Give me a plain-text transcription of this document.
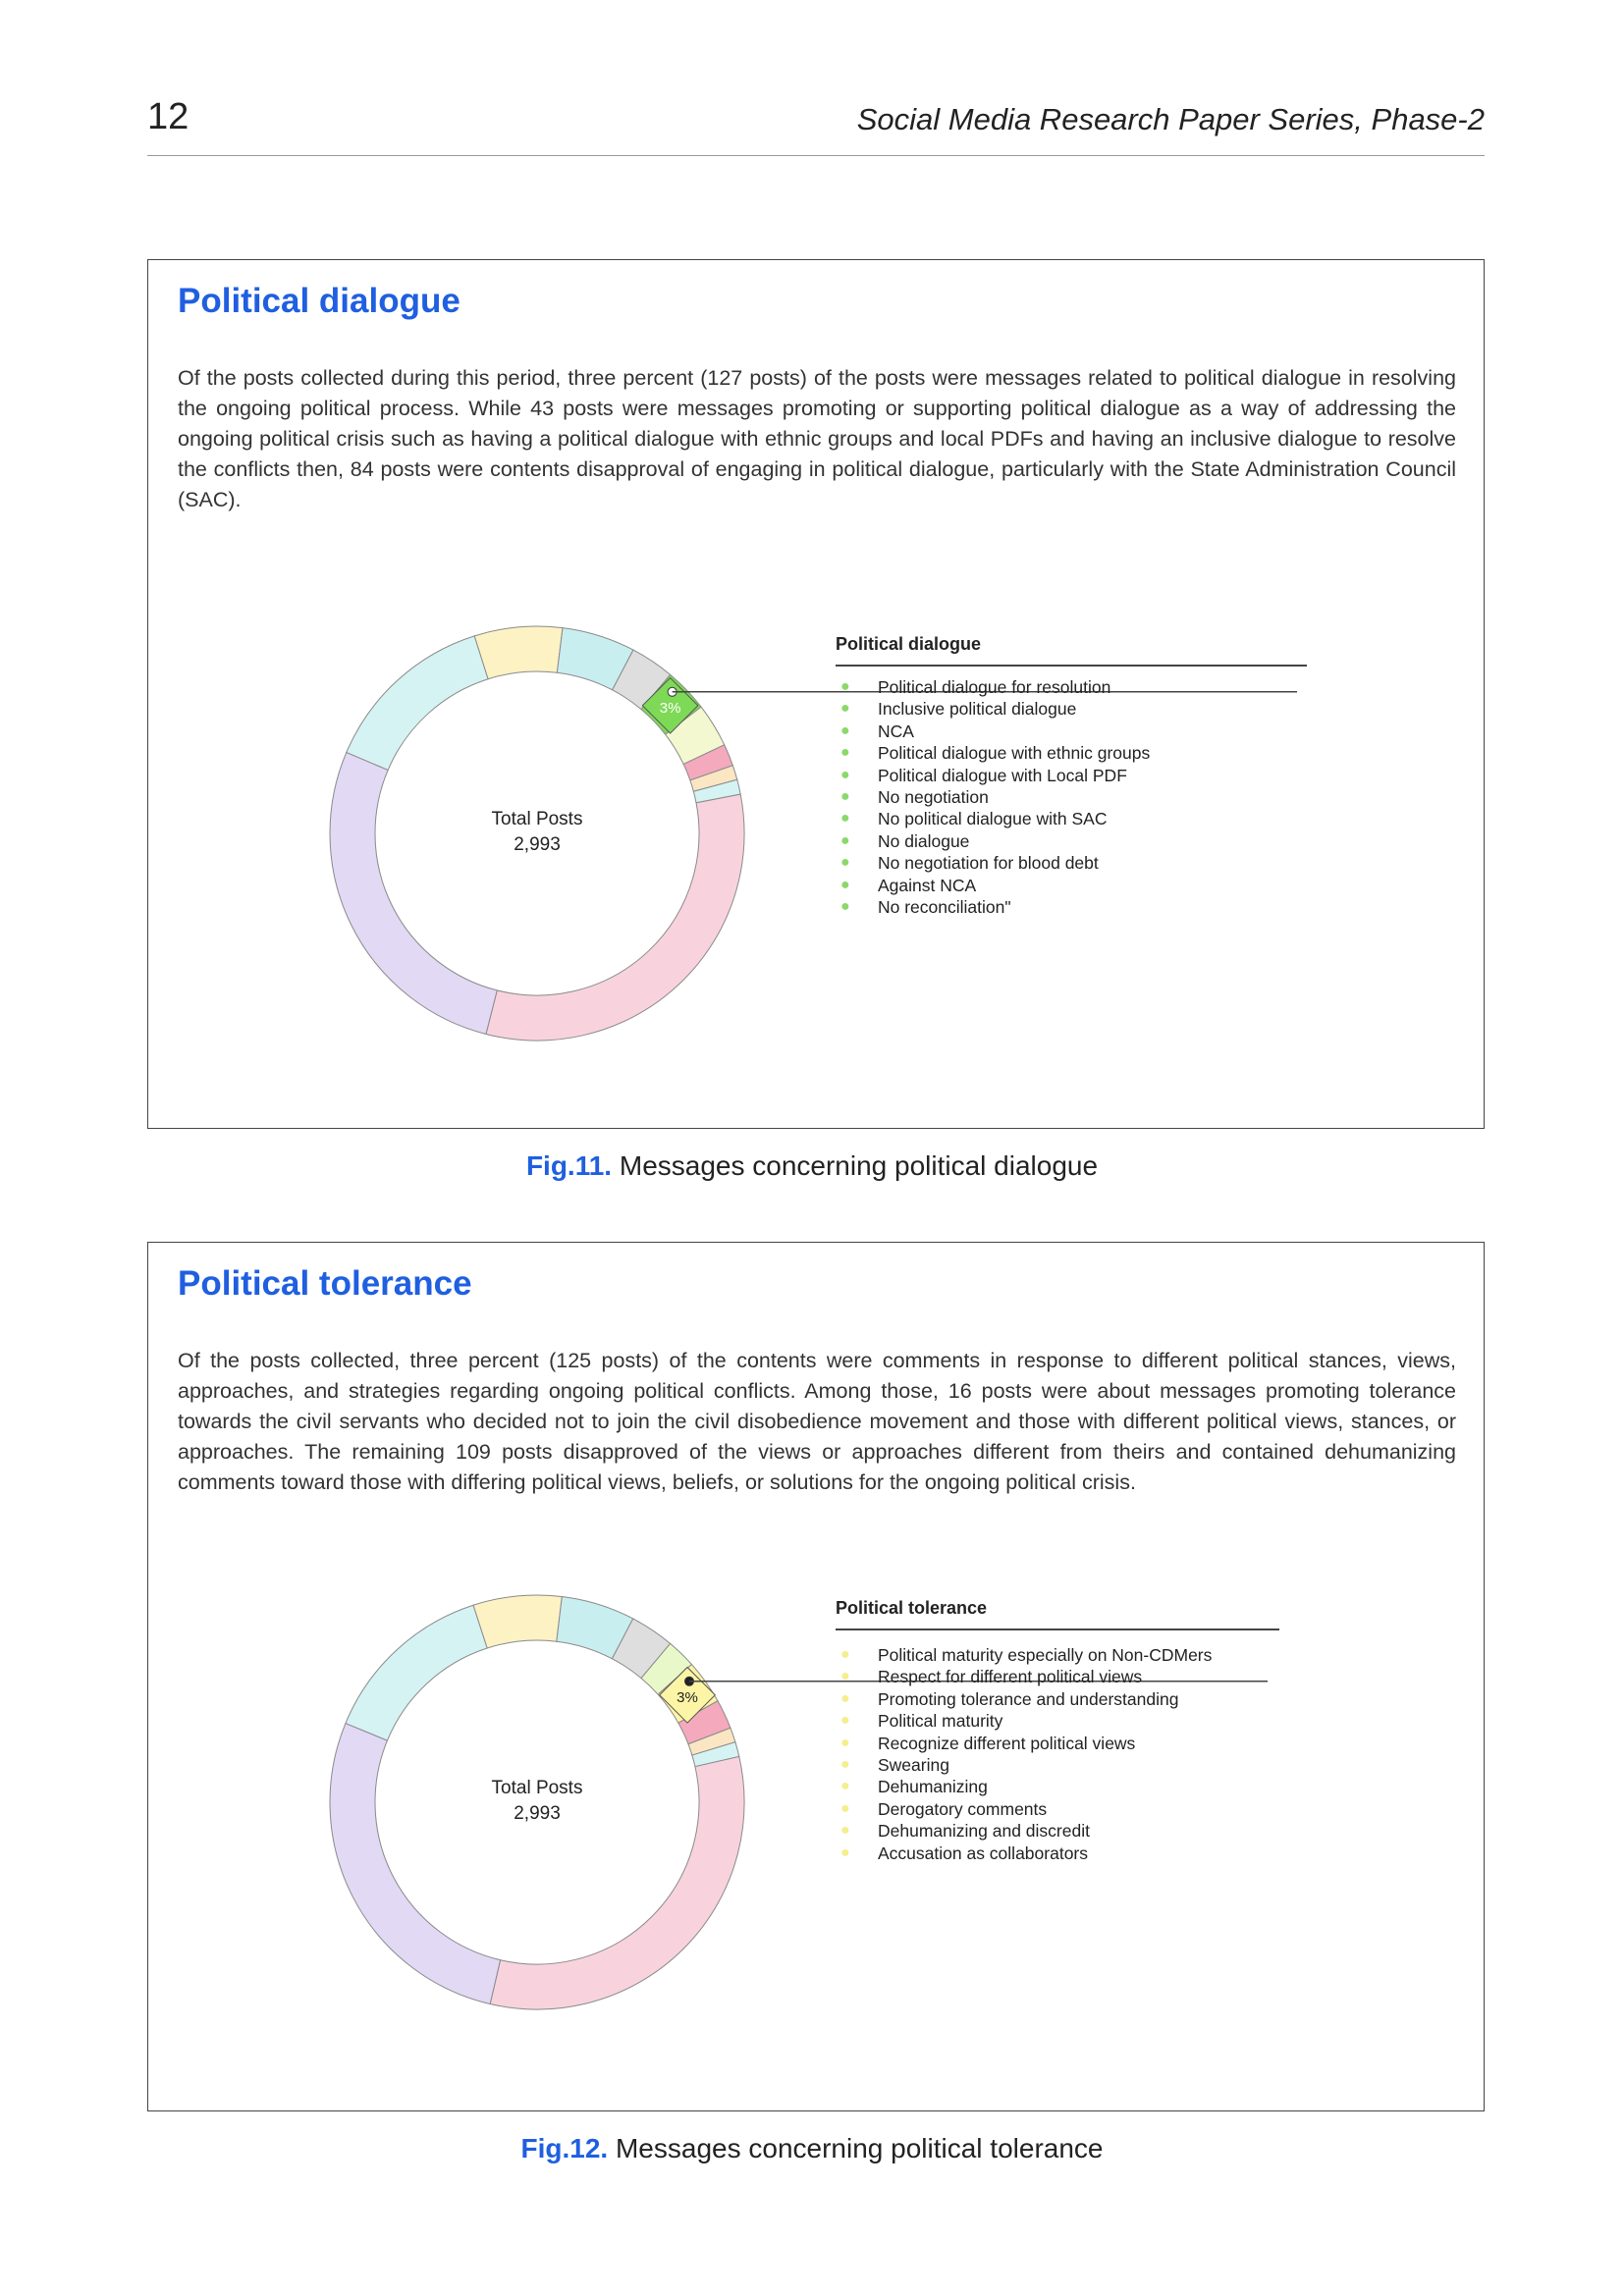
12	Social Media Research Paper Series, Phase-2
Political dialogue
Of the posts collected during this period, three percent (127 posts) of the posts were messages related to political dialogue in resolving the ongoing political process. While 43 posts were messages promoting or supporting political dialogue as a way of addressing the ongoing political crisis such as having a political dialogue with ethnic groups and local PDFs and having an inclusive dialogue to resolve the conflicts then, 84 posts were contents disapproval of engaging in political dialogue, particularly with the State Administration Council (SAC).
3%
Total Posts
2,993
Political dialogue
● Political dialogue for resolution
● Inclusive political dialogue
● NCA
● Political dialogue with ethnic groups
● Political dialogue with Local PDF
● No negotiation
● No political dialogue with SAC
● No dialogue
● No negotiation for blood debt
● Against NCA
● No reconciliation"
Fig.11. Messages concerning political dialogue
Political tolerance
Of the posts collected, three percent (125 posts) of the contents were comments in response to different political stances, views, approaches, and strategies regarding ongoing political conflicts. Among those, 16 posts were about messages promoting tolerance towards the civil servants who decided not to join the civil disobedience movement and those with different political views, stances, or approaches. The remaining 109 posts disapproved of the views or approaches different from theirs and contained dehumanizing comments toward those with differing political views, beliefs, or solutions for the ongoing political crisis.
3%
Total Posts
2,993
Political tolerance
● Political maturity especially on Non-CDMers
● Respect for different political views
● Promoting tolerance and understanding
● Political maturity
● Recognize different political views
● Swearing
● Dehumanizing
● Derogatory comments
● Dehumanizing and discredit
● Accusation as collaborators
Fig.12. Messages concerning political tolerance
